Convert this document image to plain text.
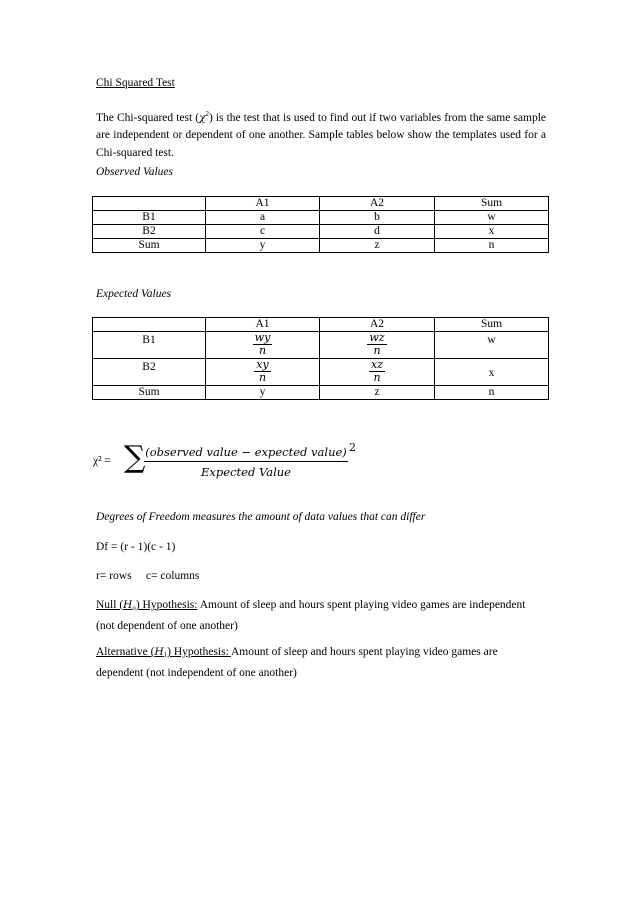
Chi Squared Test
The Chi-squared test $(\chi^2)$ is the test that is used to find out if two variables from the same sample are independent or dependent of one another. Sample tables below show the templates used for a Chi-squared test.
Observed Values
	A1	A2	Sum
B1	a	b	w
B2	c	d	x
Sum	y	z	n
Expected Values
	A1	A2	Sum
B1	$\frac{wy}{n}$	$\frac{wz}{n}$	w
B2	$\frac{xy}{n}$	$\frac{xz}{n}$	x
Sum	y	z	n
χ² = ∑ (observed value − expected value)
Expected Value
2
Degrees of Freedom measures the amount of data values that can differ
Df = (r - 1)(c - 1)
r= rows     c= columns
Null (Ho) Hypothesis: Amount of sleep and hours spent playing video games are independent (not dependent of one another)
Alternative (H1) Hypothesis: Amount of sleep and hours spent playing video games are dependent (not independent of one another)
